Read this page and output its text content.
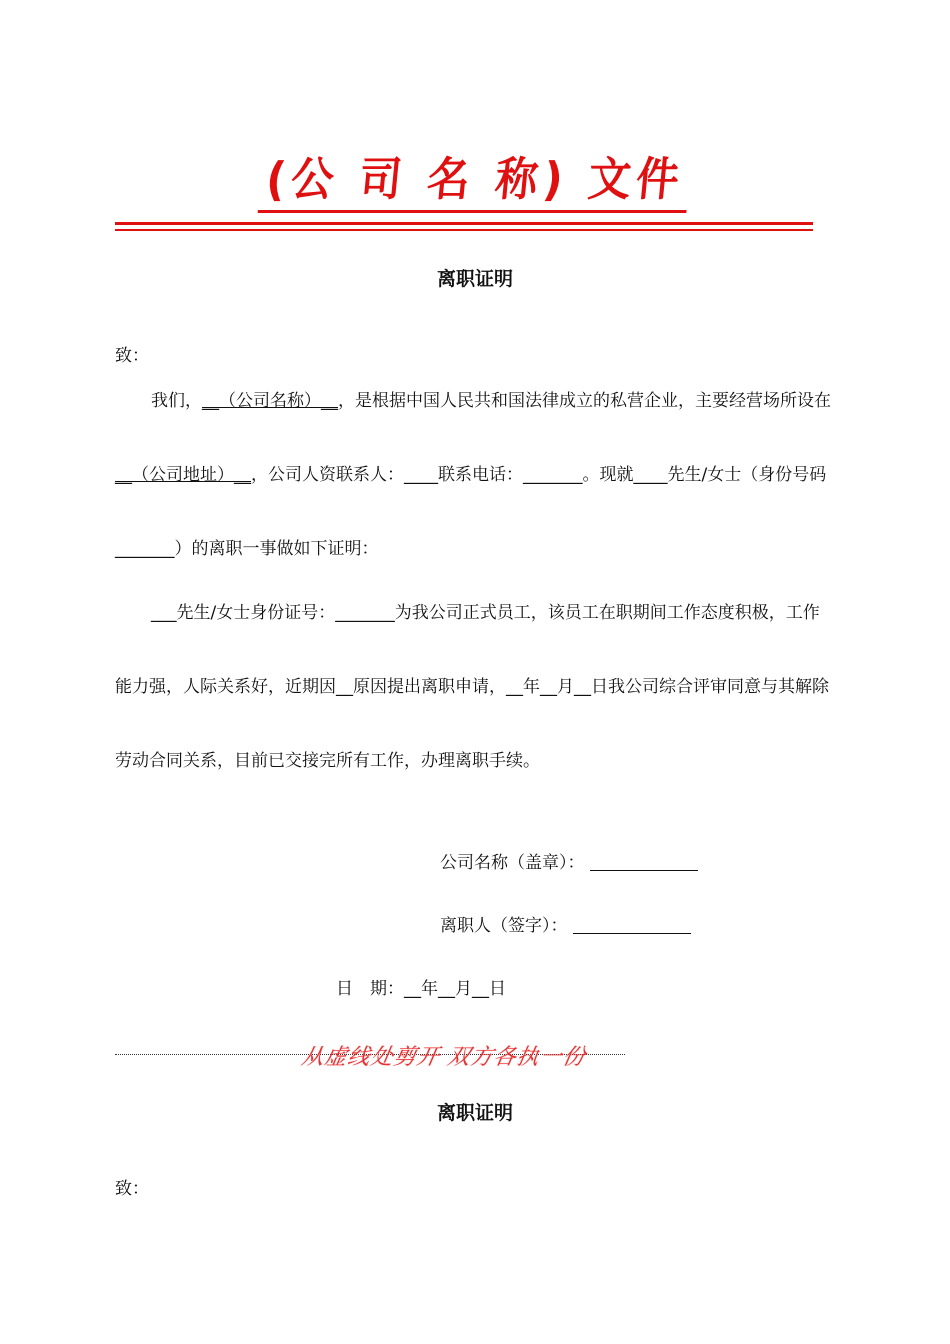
(公 司 名 称) 文件
离职证明
致：

我们，__（公司名称）__，是根据中国人民共和国法律成立的私营企业，主要经营场所设在__（公司地址）__，公司人资联系人：____联系电话：_______。现就____先生/女士（身份号码_______）的离职一事做如下证明：

___先生/女士身份证号：_______为我公司正式员工，该员工在职期间工作态度积极，工作能力强，人际关系好，近期因__原因提出离职申请，__年__月__日我公司综合评审同意与其解除劳动合同关系，目前已交接完所有工作，办理离职手续。

公司名称（盖章）：
离职人（签字）：
日　期：__年__月__日
从虚线处剪开 双方各执一份
离职证明
致：
